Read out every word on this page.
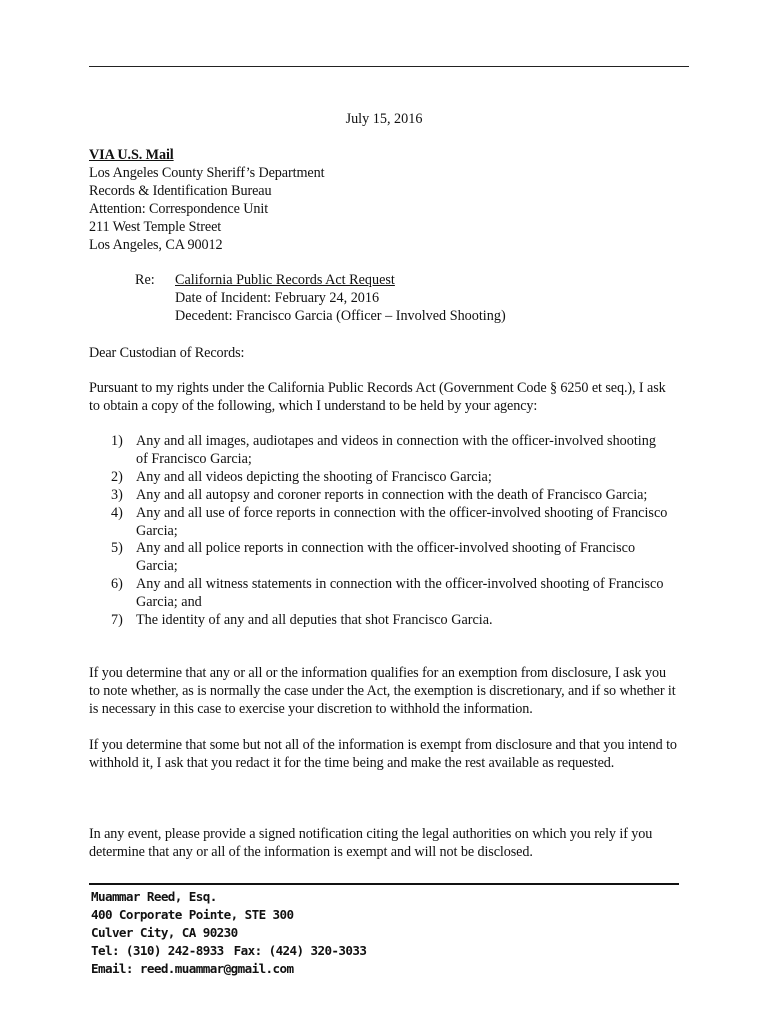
July 15, 2016
VIA U.S. Mail
Los Angeles County Sheriff’s Department
Records & Identification Bureau
Attention: Correspondence Unit
211 West Temple Street
Los Angeles, CA 90012
Re:	California Public Records Act Request
Date of Incident: February 24, 2016
Decedent: Francisco Garcia (Officer – Involved Shooting)
Dear Custodian of Records:
Pursuant to my rights under the California Public Records Act (Government Code § 6250 et seq.), I ask to obtain a copy of the following, which I understand to be held by your agency:
1) Any and all images, audiotapes and videos in connection with the officer-involved shooting of Francisco Garcia;
2) Any and all videos depicting the shooting of Francisco Garcia;
3) Any and all autopsy and coroner reports in connection with the death of Francisco Garcia;
4) Any and all use of force reports in connection with the officer-involved shooting of Francisco Garcia;
5) Any and all police reports in connection with the officer-involved shooting of Francisco Garcia;
6) Any and all witness statements in connection with the officer-involved shooting of Francisco Garcia; and
7) The identity of any and all deputies that shot Francisco Garcia.
If you determine that any or all or the information qualifies for an exemption from disclosure, I ask you to note whether, as is normally the case under the Act, the exemption is discretionary, and if so whether it is necessary in this case to exercise your discretion to withhold the information.
If you determine that some but not all of the information is exempt from disclosure and that you intend to withhold it, I ask that you redact it for the time being and make the rest available as requested.
In any event, please provide a signed notification citing the legal authorities on which you rely if you determine that any or all of the information is exempt and will not be disclosed.
Muammar Reed, Esq.
400 Corporate Pointe, STE 300
Culver City, CA 90230
Tel: (310) 242-8933 Fax: (424) 320-3033
Email: reed.muammar@gmail.com
